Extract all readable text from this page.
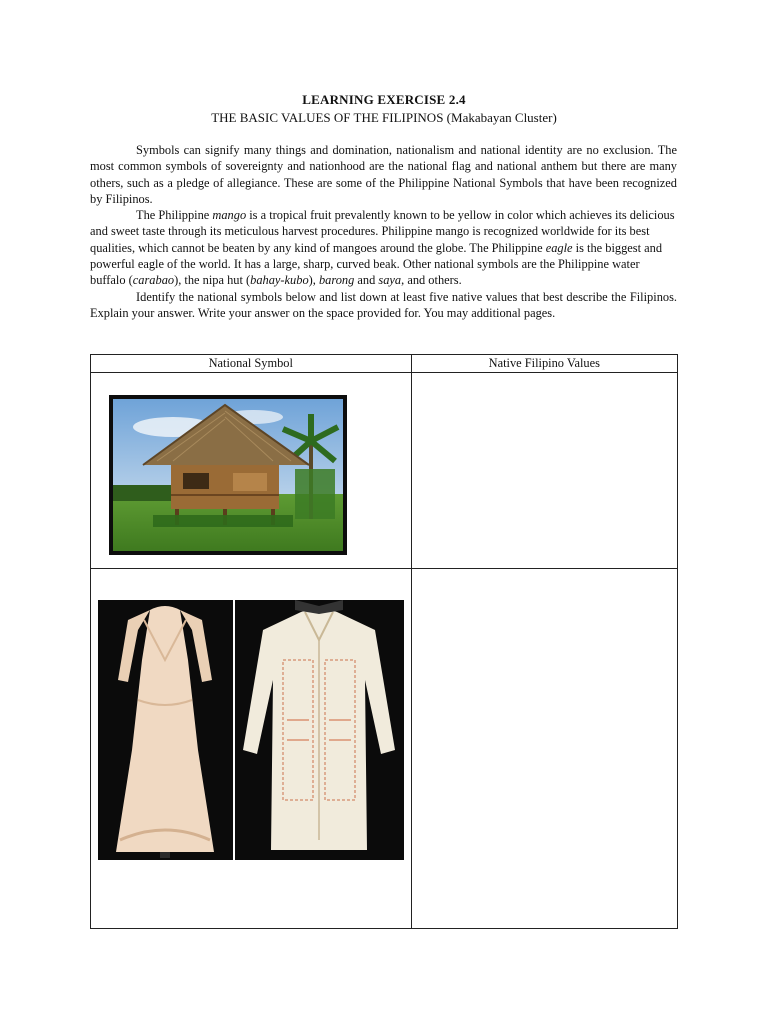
LEARNING EXERCISE 2.4
THE BASIC VALUES OF THE FILIPINOS (Makabayan Cluster)

Symbols can signify many things and domination, nationalism and national identity are no exclusion. The most common symbols of sovereignty and nationhood are the national flag and national anthem but there are many others, such as a pledge of allegiance. These are some of the Philippine National Symbols that have been recognized by Filipinos.

The Philippine mango is a tropical fruit prevalently known to be yellow in color which achieves its delicious and sweet taste through its meticulous harvest procedures. Philippine mango is recognized worldwide for its best qualities, which cannot be beaten by any kind of mangoes around the globe. The Philippine eagle is the biggest and powerful eagle of the world. It has a large, sharp, curved beak. Other national symbols are the Philippine water buffalo (carabao), the nipa hut (bahay-kubo), barong and saya, and others.

Identify the national symbols below and list down at least five native values that best describe the Filipinos. Explain your answer. Write your answer on the space provided for. You may additional pages.

National Symbol	Native Filipino Values
